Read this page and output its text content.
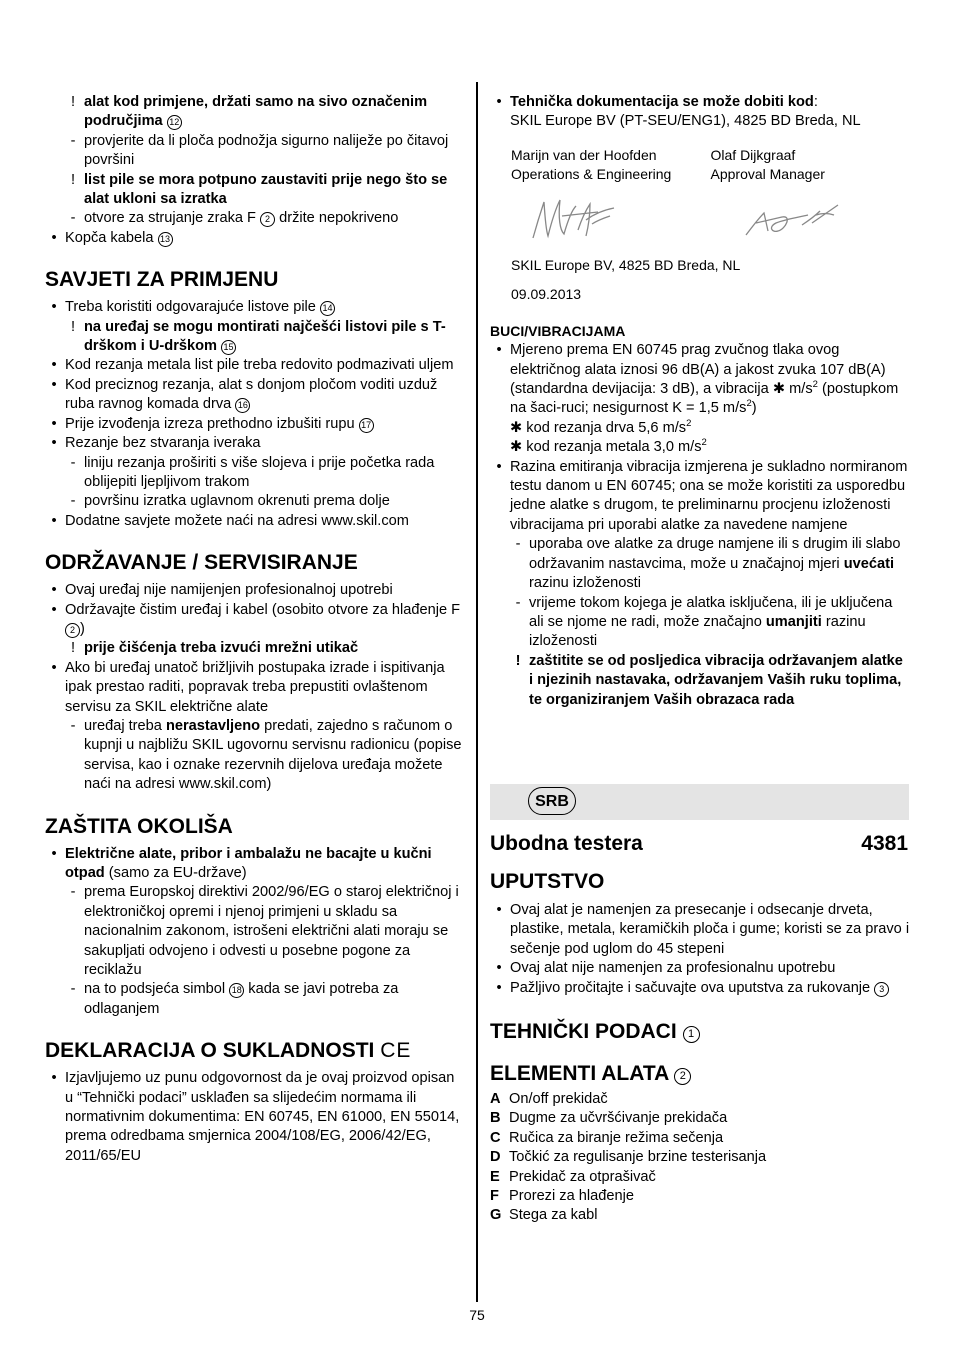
! alat kod primjene, držati samo na sivo označenim područjima 12
- provjerite da li ploča podnožja sigurno naliježe po čitavoj površini
! list pile se mora potpuno zaustaviti prije nego što se alat ukloni sa izratka
- otvore za strujanje zraka F 2 držite nepokriveno
• Kopča kabela 13
SAVJETI ZA PRIMJENU
• Treba koristiti odgovarajuće listove pile 14
! na uređaj se mogu montirati najčešći listovi pile s T-drškom i U-drškom 15
• Kod rezanja metala list pile treba redovito podmazivati uljem
• Kod preciznog rezanja, alat s donjom pločom voditi uzduž ruba ravnog komada drva 16
• Prije izvođenja izreza prethodno izbušiti rupu 17
• Rezanje bez stvaranja iveraka
- liniju rezanja proširiti s više slojeva i prije početka rada oblijepiti ljepljivom trakom
- površinu izratka uglavnom okrenuti prema dolje
• Dodatne savjete možete naći na adresi www.skil.com
ODRŽAVANJE / SERVISIRANJE
• Ovaj uređaj nije namijenjen profesionalnoj upotrebi
• Održavajte čistim uređaj i kabel (osobito otvore za hlađenje F 2 )
! prije čišćenja treba izvući mrežni utikač
• Ako bi uređaj unatoč brižljivih postupaka izrade i ispitivanja ipak prestao raditi, popravak treba prepustiti ovlaštenom servisu za SKIL električne alate
- uređaj treba nerastavljeno predati, zajedno s računom o kupnji u najbližu SKIL ugovornu servisnu radionicu (popise servisa, kao i oznake rezervnih dijelova uređaja možete naći na adresi www.skil.com)
ZAŠTITA OKOLIŠA
• Električne alate, pribor i ambalažu ne bacajte u kučni otpad (samo za EU-države)
- prema Europskoj direktivi 2002/96/EG o staroj električnoj i elektroničkoj opremi i njenoj primjeni u skladu sa nacionalnim zakonom, istrošeni električni alati moraju se sakupljati odvojeno i odvesti u posebne pogone za reciklažu
- na to podsjeća simbol 18 kada se javi potreba za odlaganjem
DEKLARACIJA O SUKLADNOSTI CE
• Izjavljujemo uz punu odgovornost da je ovaj proizvod opisan u “Tehnički podaci” usklađen sa slijedećim normama ili normativnim dokumentima: EN 60745, EN 61000, EN 55014, prema odredbama smjernica 2004/108/EG, 2006/42/EG, 2011/65/EU
• Tehnička dokumentacija se može dobiti kod:
SKIL Europe BV (PT-SEU/ENG1), 4825 BD Breda, NL
Marijn van der Hoofden
Operations & Engineering
Olaf Dijkgraaf
Approval Manager
SKIL Europe BV, 4825 BD Breda, NL
09.09.2013
BUCI/VIBRACIJAMA
• Mjereno prema EN 60745 prag zvučnog tlaka ovog električnog alata iznosi 96 dB(A) a jakost zvuka 107 dB(A) (standardna devijacija: 3 dB), a vibracija ✱ $m/s^2$ (postupkom na šaci-ruci; nesigurnost K = 1,5 $m/s^2$)
✱ kod rezanja drva 5,6 $m/s^2$
✱ kod rezanja metala 3,0 $m/s^2$
• Razina emitiranja vibracija izmjerena je sukladno normiranom testu danom u EN 60745; ona se može koristiti za usporedbu jedne alatke s drugom, te preliminarnu procjenu izloženosti vibracijama pri uporabi alatke za navedene namjene
- uporaba ove alatke za druge namjene ili s drugim ili slabo održavanim nastavcima, može u značajnoj mjeri uvećati razinu izloženosti
- vrijeme tokom kojega je alatka isključena, ili je uključena ali se njome ne radi, može značajno umanjiti razinu izloženosti
! zaštitite se od posljedica vibracija održavanjem alatke i njezinih nastavaka, održavanjem Vaših ruku toplima, te organiziranjem Vaših obrazaca rada
SRB
Ubodna testera	4381
UPUTSTVO
• Ovaj alat je namenjen za presecanje i odsecanje drveta, plastike, metala, keramičkih ploča i gume; koristi se za pravo i sečenje pod uglom do 45 stepeni
• Ovaj alat nije namenjen za profesionalnu upotrebu
• Pažljivo pročitajte i sačuvajte ova uputstva za rukovanje 3
TEHNIČKI PODACI 1
ELEMENTI ALATA 2
A On/off prekidač
B Dugme za učvršćivanje prekidača
C Ručica za biranje režima sečenja
D Točkić za regulisanje brzine testerisanja
E Prekidač za otprašivač
F Prorezi za hlađenje
G Stega za kabl
75
